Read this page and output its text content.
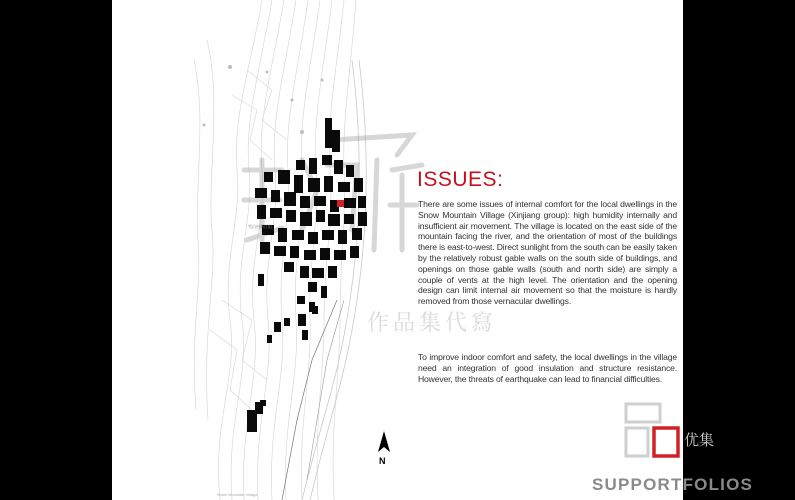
雪山村新江组
Snow Mountain Village
作品集代寫
ISSUES:

There are some issues of internal comfort for the local dwellings in the Snow Mountain Village (Xinjiang group): high humidity internally and insufficient air movement. The village is located on the east side of the mountain facing the river, and the orientation of most of the buildings there is east-to-west. Direct sunlight from the south can be easily taken by the relatively robust gable walls on the south side of buildings, and openings on those gable walls (south and north side) are simply a couple of vents at the high level. The orientation and the opening design can limit internal air movement so that the moisture is hardly removed from those vernacular dwellings.

To improve indoor comfort and safety, the local dwellings in the village need an integration of good insulation and structure resistance. However, the threats of earthquake can lead to financial difficulties.

N
优集
SUPPORTFOLIOS
